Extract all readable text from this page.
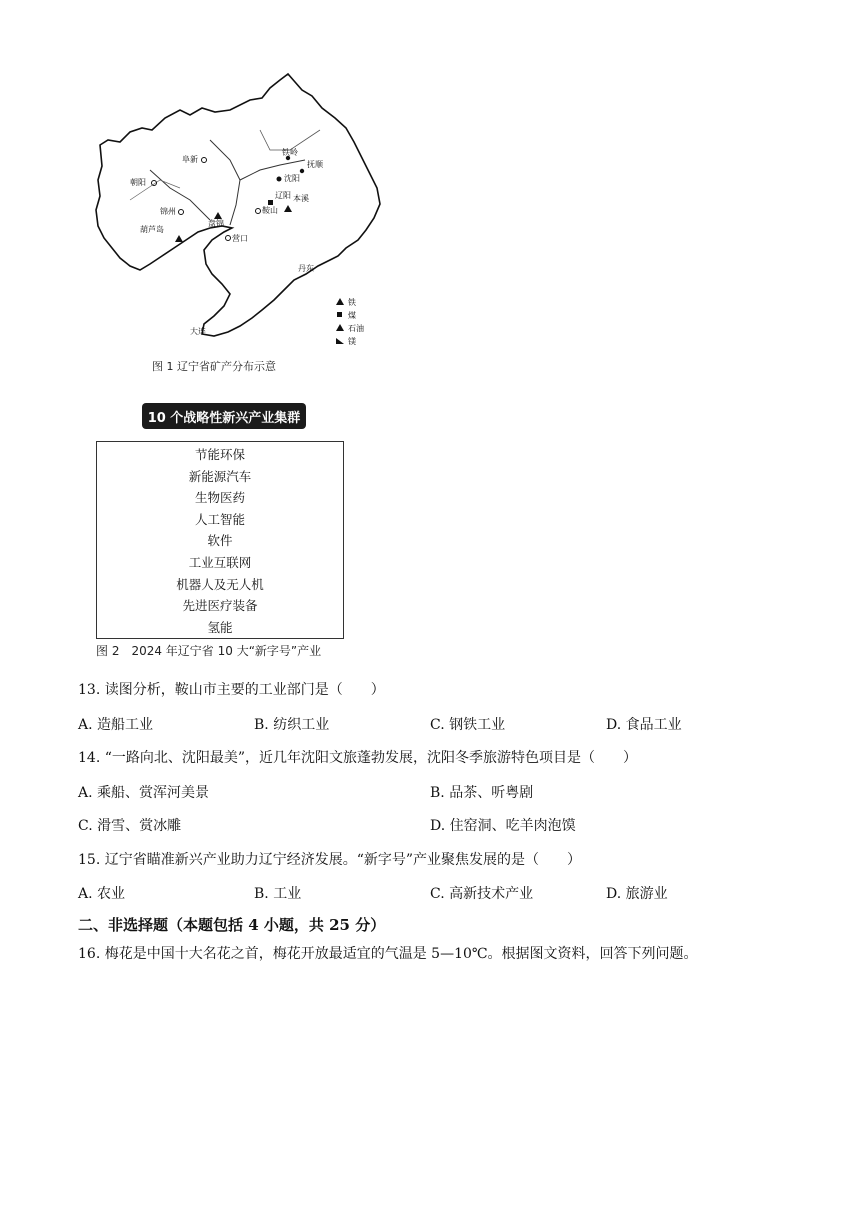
阜新
铁岭
抚顺
朝阳	沈阳
本溪
锦州
辽阳
鞍山
葫芦岛
盘锦
营口
丹东
大连
铁
煤
石油
镁
图 1 辽宁省矿产分布示意
10 个战略性新兴产业集群
节能环保
新能源汽车
生物医药
人工智能
软件
工业互联网
机器人及无人机
先进医疗装备
氢能
图 2　2024 年辽宁省 10 大“新字号”产业
13. 读图分析，鞍山市主要的工业部门是（　　）
A. 造船工业	B. 纺织工业	C. 钢铁工业	D. 食品工业
14. “一路向北、沈阳最美”，近几年沈阳文旅蓬勃发展，沈阳冬季旅游特色项目是（　　）
A. 乘船、赏浑河美景	B. 品茶、听粤剧
C. 滑雪、赏冰雕	D. 住窑洞、吃羊肉泡馍
15. 辽宁省瞄准新兴产业助力辽宁经济发展。“新字号”产业聚焦发展的是（　　）
A. 农业	B. 工业	C. 高新技术产业	D. 旅游业
二、非选择题（本题包括 4 小题，共 25 分）
16. 梅花是中国十大名花之首，梅花开放最适宜的气温是 5—10℃。根据图文资料，回答下列问题。
